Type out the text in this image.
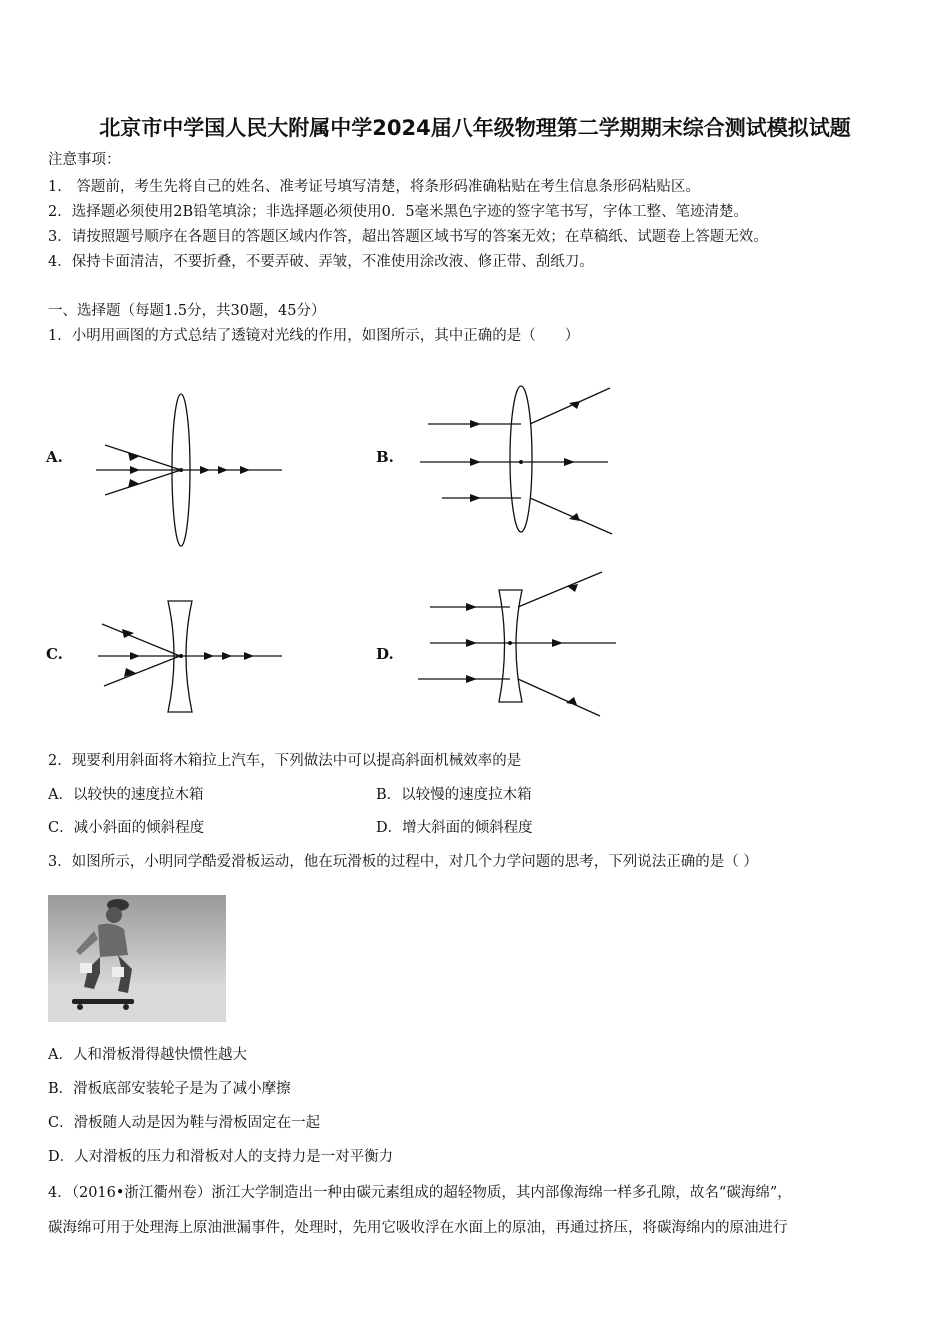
北京市中学国人民大附属中学2024届八年级物理第二学期期末综合测试模拟试题
注意事项：
1.　答题前，考生先将自己的姓名、准考证号填写清楚，将条形码准确粘贴在考生信息条形码粘贴区。
2．选择题必须使用2B铅笔填涂；非选择题必须使用0．5毫米黑色字迹的签字笔书写，字体工整、笔迹清楚。
3．请按照题号顺序在各题目的答题区域内作答，超出答题区域书写的答案无效；在草稿纸、试题卷上答题无效。
4．保持卡面清洁，不要折叠，不要弄破、弄皱，不准使用涂改液、修正带、刮纸刀。
一、选择题（每题1.5分，共30题，45分）
1．小明用画图的方式总结了透镜对光线的作用，如图所示，其中正确的是（　　）
A.	B.
C.	D.
2．现要利用斜面将木箱拉上汽车，下列做法中可以提高斜面机械效率的是
A．以较快的速度拉木箱	B．以较慢的速度拉木箱
C．减小斜面的倾斜程度	D．增大斜面的倾斜程度
3．如图所示，小明同学酷爱滑板运动，他在玩滑板的过程中，对几个力学问题的思考，下列说法正确的是（ ）
A．人和滑板滑得越快惯性越大
B．滑板底部安装轮子是为了减小摩擦
C．滑板随人动是因为鞋与滑板固定在一起
D．人对滑板的压力和滑板对人的支持力是一对平衡力
4．（2016•浙江衢州卷）浙江大学制造出一种由碳元素组成的超轻物质，其内部像海绵一样多孔隙，故名“碳海绵”，
碳海绵可用于处理海上原油泄漏事件，处理时，先用它吸收浮在水面上的原油，再通过挤压，将碳海绵内的原油进行
